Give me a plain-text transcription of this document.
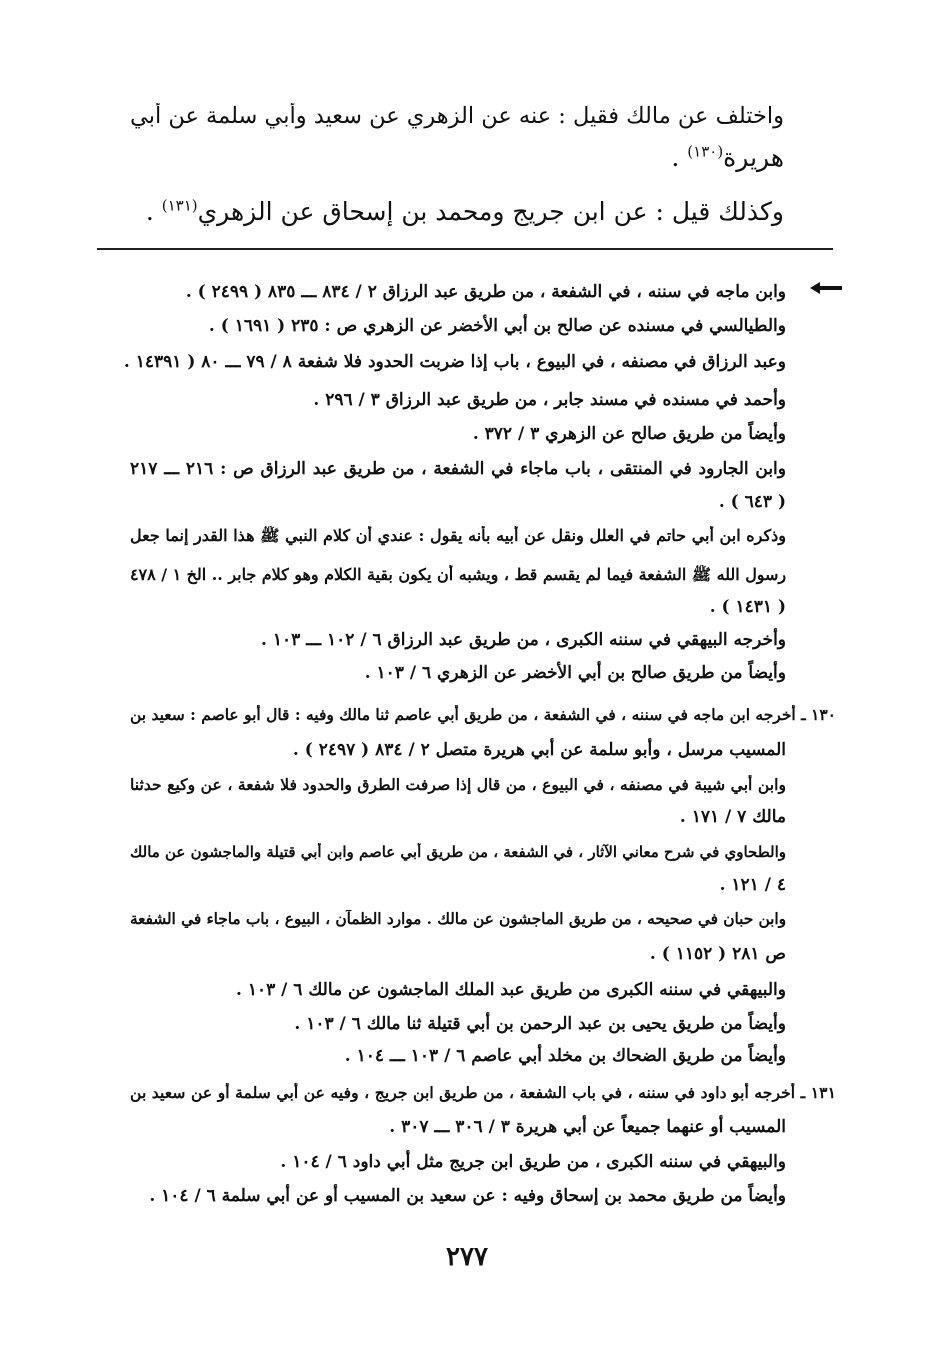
واختلف عن مالك فقيل : عنه عن الزهري عن سعيد وأبي سلمة عن أبي
هريرة$^{(١٣٠)}$ .
وكذلك قيل : عن ابن جريج ومحمد بن إسحاق عن الزهري$^{(١٣١)}$ .
وابن ماجه في سننه ، في الشفعة ، من طريق عبد الرزاق ٢ / ٨٣٤ ـــ ٨٣٥ ( ٢٤٩٩ ) .
والطيالسي في مسنده عن صالح بن أبي الأخضر عن الزهري ص : ٢٣٥ ( ١٦٩١ ) .
وعبد الرزاق في مصنفه ، في البيوع ، باب إذا ضربت الحدود فلا شفعة ٨ / ٧٩ ـــ ٨٠ ( ١٤٣٩١ .
وأحمد في مسنده في مسند جابر ، من طريق عبد الرزاق ٣ / ٢٩٦ .
وأيضاً من طريق صالح عن الزهري ٣ / ٣٧٢ .
وابن الجارود في المنتقى ، باب ماجاء في الشفعة ، من طريق عبد الرزاق ص : ٢١٦ ـــ ٢١٧
( ٦٤٣ ) .
وذكره ابن أبي حاتم في العلل ونقل عن أبيه بأنه يقول : عندي أن كلام النبي ﷺ هذا القدر إنما جعل
رسول الله ﷺ الشفعة فيما لم يقسم قط ، ويشبه أن يكون بقية الكلام وهو كلام جابر .. الخ ١ / ٤٧٨
( ١٤٣١ ) .
وأخرجه البيهقي في سننه الكبرى ، من طريق عبد الرزاق ٦ / ١٠٢ ـــ ١٠٣ .
وأيضاً من طريق صالح بن أبي الأخضر عن الزهري ٦ / ١٠٣ .
١٣٠ ـ أخرجه ابن ماجه في سننه ، في الشفعة ، من طريق أبي عاصم ثنا مالك وفيه : قال أبو عاصم : سعيد بن
المسيب مرسل ، وأبو سلمة عن أبي هريرة متصل ٢ / ٨٣٤ ( ٢٤٩٧ ) .
وابن أبي شيبة في مصنفه ، في البيوع ، من قال إذا صرفت الطرق والحدود فلا شفعة ، عن وكيع حدثنا
مالك ٧ / ١٧١ .
والطحاوي في شرح معاني الآثار ، في الشفعة ، من طريق أبي عاصم وابن أبي قتيلة والماجشون عن مالك
٤ / ١٢١ .
وابن حبان في صحيحه ، من طريق الماجشون عن مالك . موارد الظمآن ، البيوع ، باب ماجاء في الشفعة
ص ٢٨١ ( ١١٥٢ ) .
والبيهقي في سننه الكبرى من طريق عبد الملك الماجشون عن مالك ٦ / ١٠٣ .
وأيضاً من طريق يحيى بن عبد الرحمن بن أبي قتيلة ثنا مالك ٦ / ١٠٣ .
وأيضاً من طريق الضحاك بن مخلد أبي عاصم ٦ / ١٠٣ ـــ ١٠٤ .
١٣١ ـ أخرجه أبو داود في سننه ، في باب الشفعة ، من طريق ابن جريج ، وفيه عن أبي سلمة أو عن سعيد بن
المسيب أو عنهما جميعاً عن أبي هريرة ٣ / ٣٠٦ ـــ ٣٠٧ .
والبيهقي في سننه الكبرى ، من طريق ابن جريج مثل أبي داود ٦ / ١٠٤ .
وأيضاً من طريق محمد بن إسحاق وفيه : عن سعيد بن المسيب أو عن أبي سلمة ٦ / ١٠٤ .
٢٧٧
